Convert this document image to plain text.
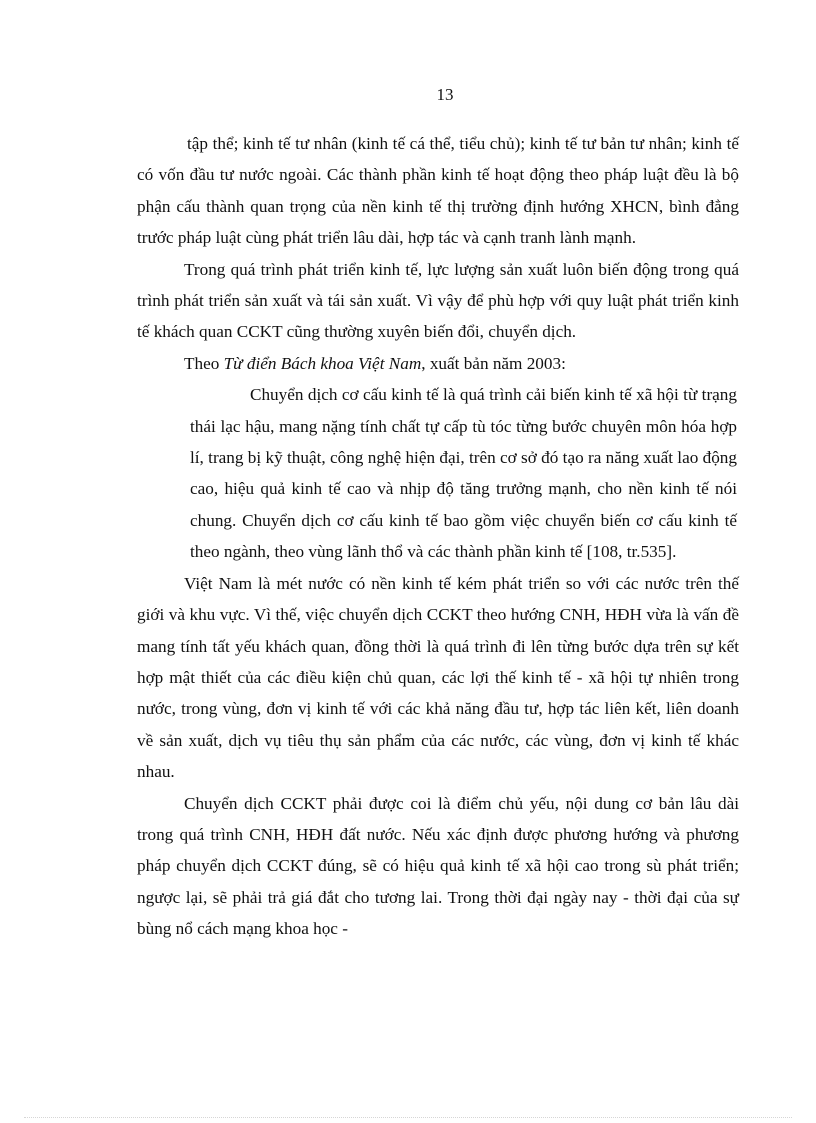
13

tập thể; kinh tế tư nhân (kinh tế cá thể, tiểu chủ); kinh tế tư bản tư nhân; kinh tế có vốn đầu tư nước ngoài. Các thành phần kinh tế hoạt động theo pháp luật đều là bộ phận cấu thành quan trọng của nền kinh tế thị trường định hướng XHCN, bình đẳng trước pháp luật cùng phát triển lâu dài, hợp tác và cạnh tranh lành mạnh.

Trong quá trình phát triển kinh tế, lực lượng sản xuất luôn biến động trong quá trình phát triển sản xuất và tái sản xuất. Vì vậy để phù hợp với quy luật phát triển kinh tế khách quan CCKT cũng thường xuyên biến đổi, chuyển dịch.

Theo Từ điển Bách khoa Việt Nam, xuất bản năm 2003:

Chuyển dịch cơ cấu kinh tế là quá trình cải biến kinh tế xã hội từ trạng thái lạc hậu, mang nặng tính chất tự cấp tù tóc từng bước chuyên môn hóa hợp lí, trang bị kỹ thuật, công nghệ hiện đại, trên cơ sở đó tạo ra năng xuất lao động cao, hiệu quả kinh tế cao và nhịp độ tăng trưởng mạnh, cho nền kinh tế nói chung. Chuyển dịch cơ cấu kinh tế bao gồm việc chuyển biến cơ cấu kinh tế theo ngành, theo vùng lãnh thổ và các thành phần kinh tế [108, tr.535].

Việt Nam là mét nước có nền kinh tế kém phát triển so với các nước trên thế giới và khu vực. Vì thế, việc chuyển dịch CCKT theo hướng CNH, HĐH vừa là vấn đề mang tính tất yếu khách quan, đồng thời là quá trình đi lên từng bước dựa trên sự kết hợp mật thiết của các điều kiện chủ quan, các lợi thế kinh tế - xã hội tự nhiên trong nước, trong vùng, đơn vị kinh tế với các khả năng đầu tư, hợp tác liên kết, liên doanh về sản xuất, dịch vụ tiêu thụ sản phẩm của các nước, các vùng, đơn vị kinh tế khác nhau.

Chuyển dịch CCKT phải được coi là điểm chủ yếu, nội dung cơ bản lâu dài trong quá trình CNH, HĐH đất nước. Nếu xác định được phương hướng và phương pháp chuyển dịch CCKT đúng, sẽ có hiệu quả kinh tế xã hội cao trong sù phát triển; ngược lại, sẽ phải trả giá đắt cho tương lai. Trong thời đại ngày nay - thời đại của sự bùng nổ cách mạng khoa học -
